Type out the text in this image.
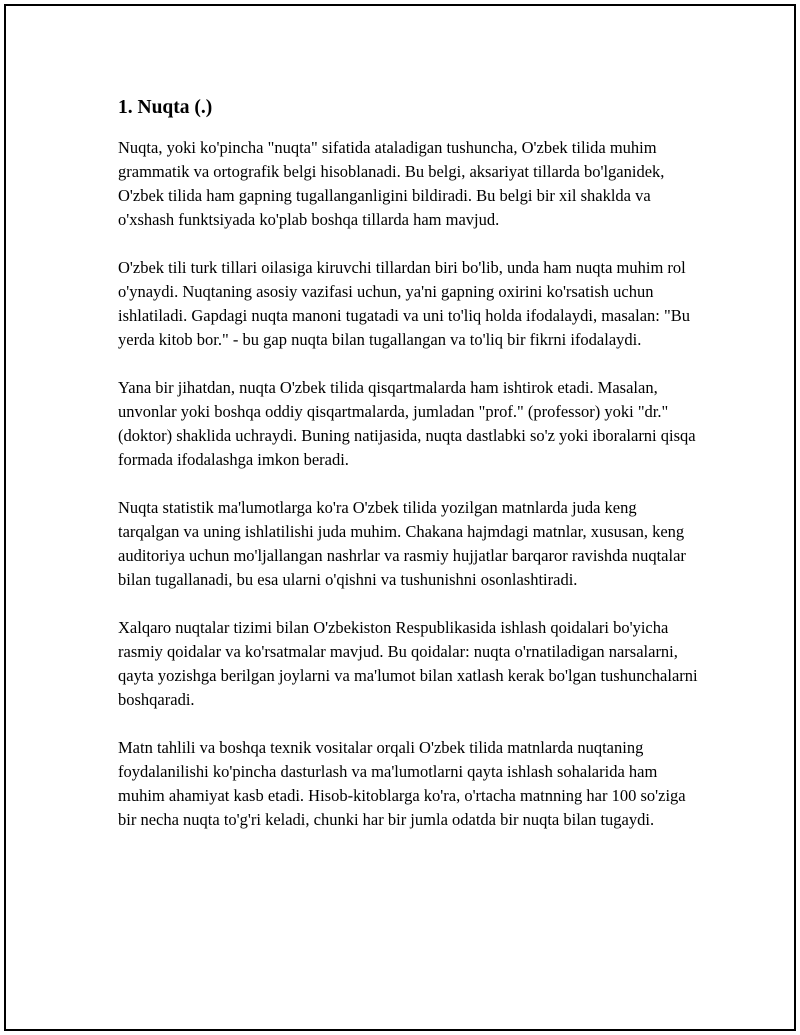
1. Nuqta (.)

Nuqta, yoki ko'pincha "nuqta" sifatida ataladigan tushuncha, O'zbek tilida muhim grammatik va ortografik belgi hisoblanadi. Bu belgi, aksariyat tillarda bo'lganidek, O'zbek tilida ham gapning tugallanganligini bildiradi. Bu belgi bir xil shaklda va o'xshash funktsiyada ko'plab boshqa tillarda ham mavjud.

O'zbek tili turk tillari oilasiga kiruvchi tillardan biri bo'lib, unda ham nuqta muhim rol o'ynaydi. Nuqtaning asosiy vazifasi uchun, ya'ni gapning oxirini ko'rsatish uchun ishlatiladi. Gapdagi nuqta manoni tugatadi va uni to'liq holda ifodalaydi, masalan: "Bu yerda kitob bor." - bu gap nuqta bilan tugallangan va to'liq bir fikrni ifodalaydi.

Yana bir jihatdan, nuqta O'zbek tilida qisqartmalarda ham ishtirok etadi. Masalan, unvonlar yoki boshqa oddiy qisqartmalarda, jumladan "prof." (professor) yoki "dr." (doktor) shaklida uchraydi. Buning natijasida, nuqta dastlabki so'z yoki iboralarni qisqa formada ifodalashga imkon beradi.

Nuqta statistik ma'lumotlarga ko'ra O'zbek tilida yozilgan matnlarda juda keng tarqalgan va uning ishlatilishi juda muhim. Chakana hajmdagi matnlar, xususan, keng auditoriya uchun mo'ljallangan nashrlar va rasmiy hujjatlar barqaror ravishda nuqtalar bilan tugallanadi, bu esa ularni o'qishni va tushunishni osonlashtiradi.

Xalqaro nuqtalar tizimi bilan O'zbekiston Respublikasida ishlash qoidalari bo'yicha rasmiy qoidalar va ko'rsatmalar mavjud. Bu qoidalar: nuqta o'rnatiladigan narsalarni, qayta yozishga berilgan joylarni va ma'lumot bilan xatlash kerak bo'lgan tushunchalarni boshqaradi.

Matn tahlili va boshqa texnik vositalar orqali O'zbek tilida matnlarda nuqtaning foydalanilishi ko'pincha dasturlash va ma'lumotlarni qayta ishlash sohalarida ham muhim ahamiyat kasb etadi. Hisob-kitoblarga ko'ra, o'rtacha matnning har 100 so'ziga bir necha nuqta to'g'ri keladi, chunki har bir jumla odatda bir nuqta bilan tugaydi.
